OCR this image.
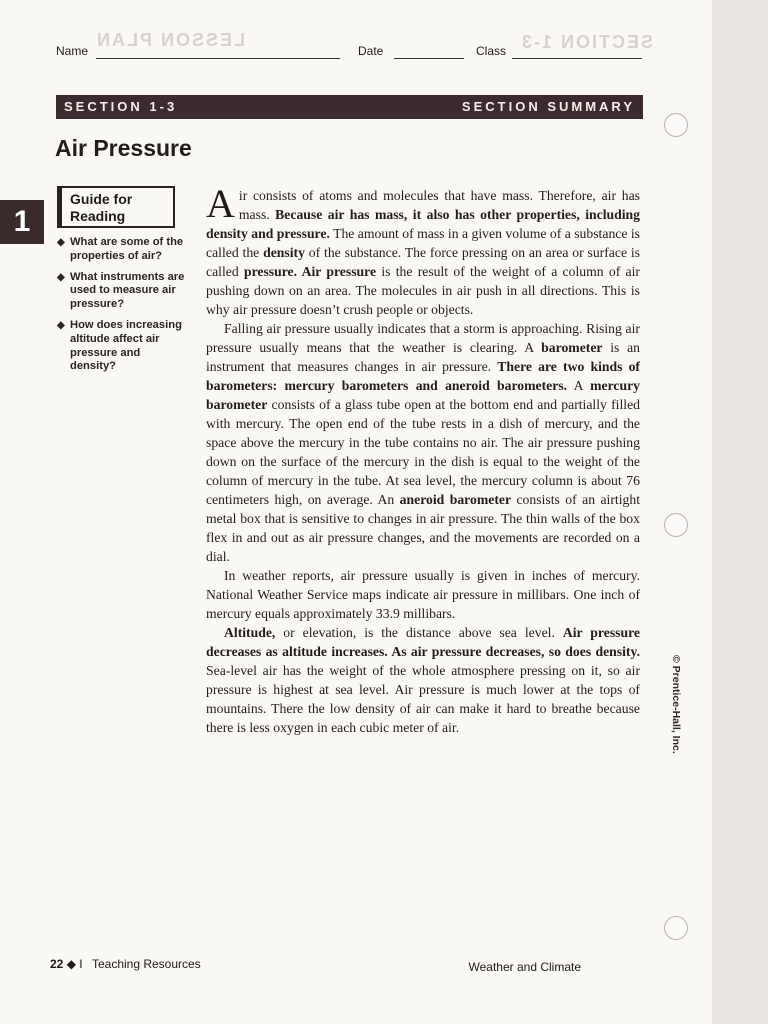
LESSON PLAN	SECTION 1-3
Name	Date	Class
SECTION 1-3	SECTION SUMMARY
Air Pressure
1
Guide for
Reading
◆ What are some of the properties of air?
◆ What instruments are used to measure air pressure?
◆ How does increasing altitude affect air pressure and density?

Air consists of atoms and molecules that have mass. Therefore, air has mass. Because air has mass, it also has other properties, including density and pressure. The amount of mass in a given volume of a substance is called the density of the substance. The force pressing on an area or surface is called pressure. Air pressure is the result of the weight of a column of air pushing down on an area. The molecules in air push in all directions. This is why air pressure doesn’t crush people or objects.

Falling air pressure usually indicates that a storm is approaching. Rising air pressure usually means that the weather is clearing. A barometer is an instrument that measures changes in air pressure. There are two kinds of barometers: mercury barometers and aneroid barometers. A mercury barometer consists of a glass tube open at the bottom end and partially filled with mercury. The open end of the tube rests in a dish of mercury, and the space above the mercury in the tube contains no air. The air pressure pushing down on the surface of the mercury in the dish is equal to the weight of the column of mercury in the tube. At sea level, the mercury column is about 76 centimeters high, on average. An aneroid barometer consists of an airtight metal box that is sensitive to changes in air pressure. The thin walls of the box flex in and out as air pressure changes, and the movements are recorded on a dial.

In weather reports, air pressure usually is given in inches of mercury. National Weather Service maps indicate air pressure in millibars. One inch of mercury equals approximately 33.9 millibars.

Altitude, or elevation, is the distance above sea level. Air pressure decreases as altitude increases. As air pressure decreases, so does density. Sea-level air has the weight of the whole atmosphere pressing on it, so air pressure is highest at sea level. Air pressure is much lower at the tops of mountains. There the low density of air can make it hard to breathe because there is less oxygen in each cubic meter of air.	© Prentice-Hall, Inc.
22 ◆ I Teaching Resources	Weather and Climate
